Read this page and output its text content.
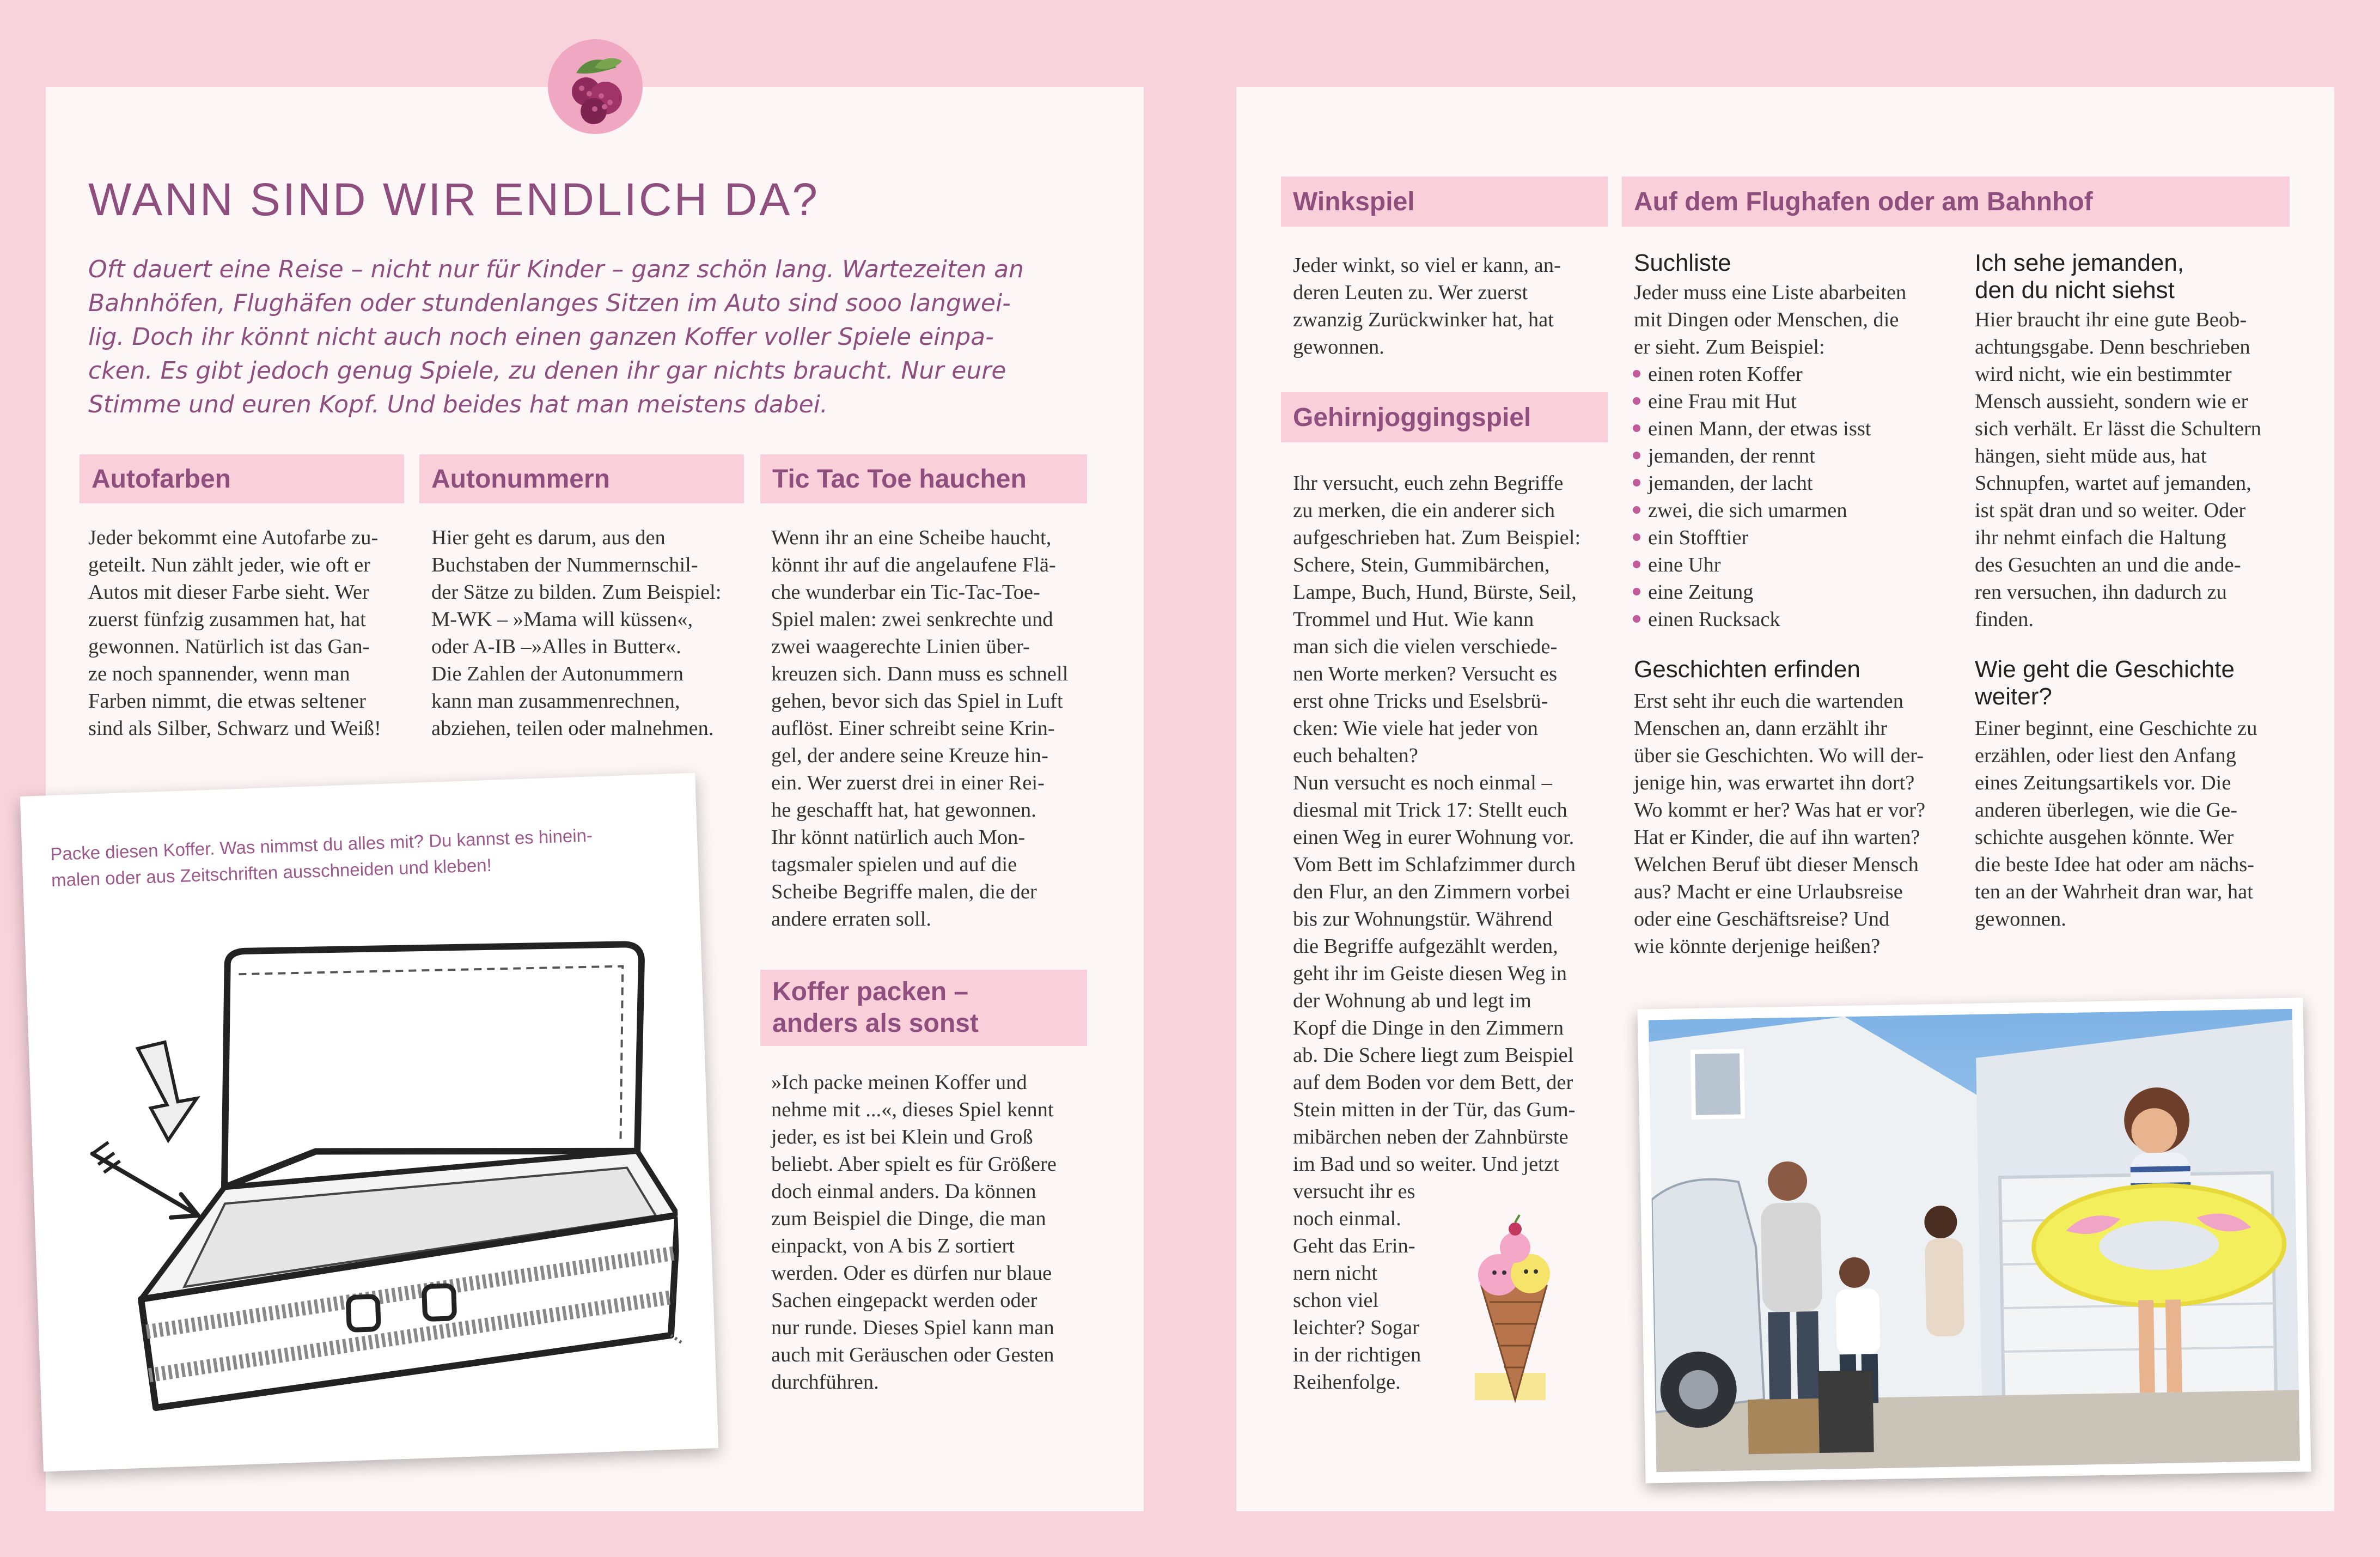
WANN SIND WIR ENDLICH DA?
Oft dauert eine Reise – nicht nur für Kinder – ganz schön lang. Wartezeiten an
Bahnhöfen, Flughäfen oder stundenlanges Sitzen im Auto sind sooo langwei-
lig. Doch ihr könnt nicht auch noch einen ganzen Koffer voller Spiele einpa-
cken. Es gibt jedoch genug Spiele, zu denen ihr gar nichts braucht. Nur eure
Stimme und euren Kopf. Und beides hat man meistens dabei.
Autofarben
Jeder bekommt eine Autofarbe zu-
geteilt. Nun zählt jeder, wie oft er
Autos mit dieser Farbe sieht. Wer
zuerst fünfzig zusammen hat, hat
gewonnen. Natürlich ist das Gan-
ze noch spannender, wenn man
Farben nimmt, die etwas seltener
sind als Silber, Schwarz und Weiß!
Autonummern
Hier geht es darum, aus den
Buchstaben der Nummernschil-
der Sätze zu bilden. Zum Beispiel:
M-WK – »Mama will küssen«,
oder A-IB –»Alles in Butter«.
Die Zahlen der Autonummern
kann man zusammenrechnen,
abziehen, teilen oder malnehmen.
Tic Tac Toe hauchen
Wenn ihr an eine Scheibe haucht,
könnt ihr auf die angelaufene Flä-
che wunderbar ein Tic-Tac-Toe-
Spiel malen: zwei senkrechte und
zwei waagerechte Linien über-
kreuzen sich. Dann muss es schnell
gehen, bevor sich das Spiel in Luft
auflöst. Einer schreibt seine Krin-
gel, der andere seine Kreuze hin-
ein. Wer zuerst drei in einer Rei-
he geschafft hat, hat gewonnen.
Ihr könnt natürlich auch Mon-
tagsmaler spielen und auf die
Scheibe Begriffe malen, die der
andere erraten soll.
Koffer packen –
anders als sonst
»Ich packe meinen Koffer und
nehme mit ...«, dieses Spiel kennt
jeder, es ist bei Klein und Groß
beliebt. Aber spielt es für Größere
doch einmal anders. Da können
zum Beispiel die Dinge, die man
einpackt, von A bis Z sortiert
werden. Oder es dürfen nur blaue
Sachen eingepackt werden oder
nur runde. Dieses Spiel kann man
auch mit Geräuschen oder Gesten
durchführen.
Packe diesen Koffer. Was nimmst du alles mit? Du kannst es hinein-
malen oder aus Zeitschriften ausschneiden und kleben!
Winkspiel
Jeder winkt, so viel er kann, an-
deren Leuten zu. Wer zuerst
zwanzig Zurückwinker hat, hat
gewonnen.
Gehirnjoggingspiel
Ihr versucht, euch zehn Begriffe
zu merken, die ein anderer sich
aufgeschrieben hat. Zum Beispiel:
Schere, Stein, Gummibärchen,
Lampe, Buch, Hund, Bürste, Seil,
Trommel und Hut. Wie kann
man sich die vielen verschiede-
nen Worte merken? Versucht es
erst ohne Tricks und Eselsbrü-
cken: Wie viele hat jeder von
euch behalten?
Nun versucht es noch einmal –
diesmal mit Trick 17: Stellt euch
einen Weg in eurer Wohnung vor.
Vom Bett im Schlafzimmer durch
den Flur, an den Zimmern vorbei
bis zur Wohnungstür. Während
die Begriffe aufgezählt werden,
geht ihr im Geiste diesen Weg in
der Wohnung ab und legt im
Kopf die Dinge in den Zimmern
ab. Die Schere liegt zum Beispiel
auf dem Boden vor dem Bett, der
Stein mitten in der Tür, das Gum-
mibärchen neben der Zahnbürste
im Bad und so weiter. Und jetzt
versucht ihr es
noch einmal.
Geht das Erin-
nern nicht
schon viel
leichter? Sogar
in der richtigen
Reihenfolge.
Auf dem Flughafen oder am Bahnhof
Suchliste
Jeder muss eine Liste abarbeiten
mit Dingen oder Menschen, die
er sieht. Zum Beispiel:
einen roten Koffer
eine Frau mit Hut
einen Mann, der etwas isst
jemanden, der rennt
jemanden, der lacht
zwei, die sich umarmen
ein Stofftier
eine Uhr
eine Zeitung
einen Rucksack
Geschichten erfinden
Erst seht ihr euch die wartenden
Menschen an, dann erzählt ihr
über sie Geschichten. Wo will der-
jenige hin, was erwartet ihn dort?
Wo kommt er her? Was hat er vor?
Hat er Kinder, die auf ihn warten?
Welchen Beruf übt dieser Mensch
aus? Macht er eine Urlaubsreise
oder eine Geschäftsreise? Und
wie könnte derjenige heißen?
Ich sehe jemanden,
den du nicht siehst
Hier braucht ihr eine gute Beob-
achtungsgabe. Denn beschrieben
wird nicht, wie ein bestimmter
Mensch aussieht, sondern wie er
sich verhält. Er lässt die Schultern
hängen, sieht müde aus, hat
Schnupfen, wartet auf jemanden,
ist spät dran und so weiter. Oder
ihr nehmt einfach die Haltung
des Gesuchten an und die ande-
ren versuchen, ihn dadurch zu
finden.
Wie geht die Geschichte
weiter?
Einer beginnt, eine Geschichte zu
erzählen, oder liest den Anfang
eines Zeitungsartikels vor. Die
anderen überlegen, wie die Ge-
schichte ausgehen könnte. Wer
die beste Idee hat oder am nächs-
ten an der Wahrheit dran war, hat
gewonnen.
